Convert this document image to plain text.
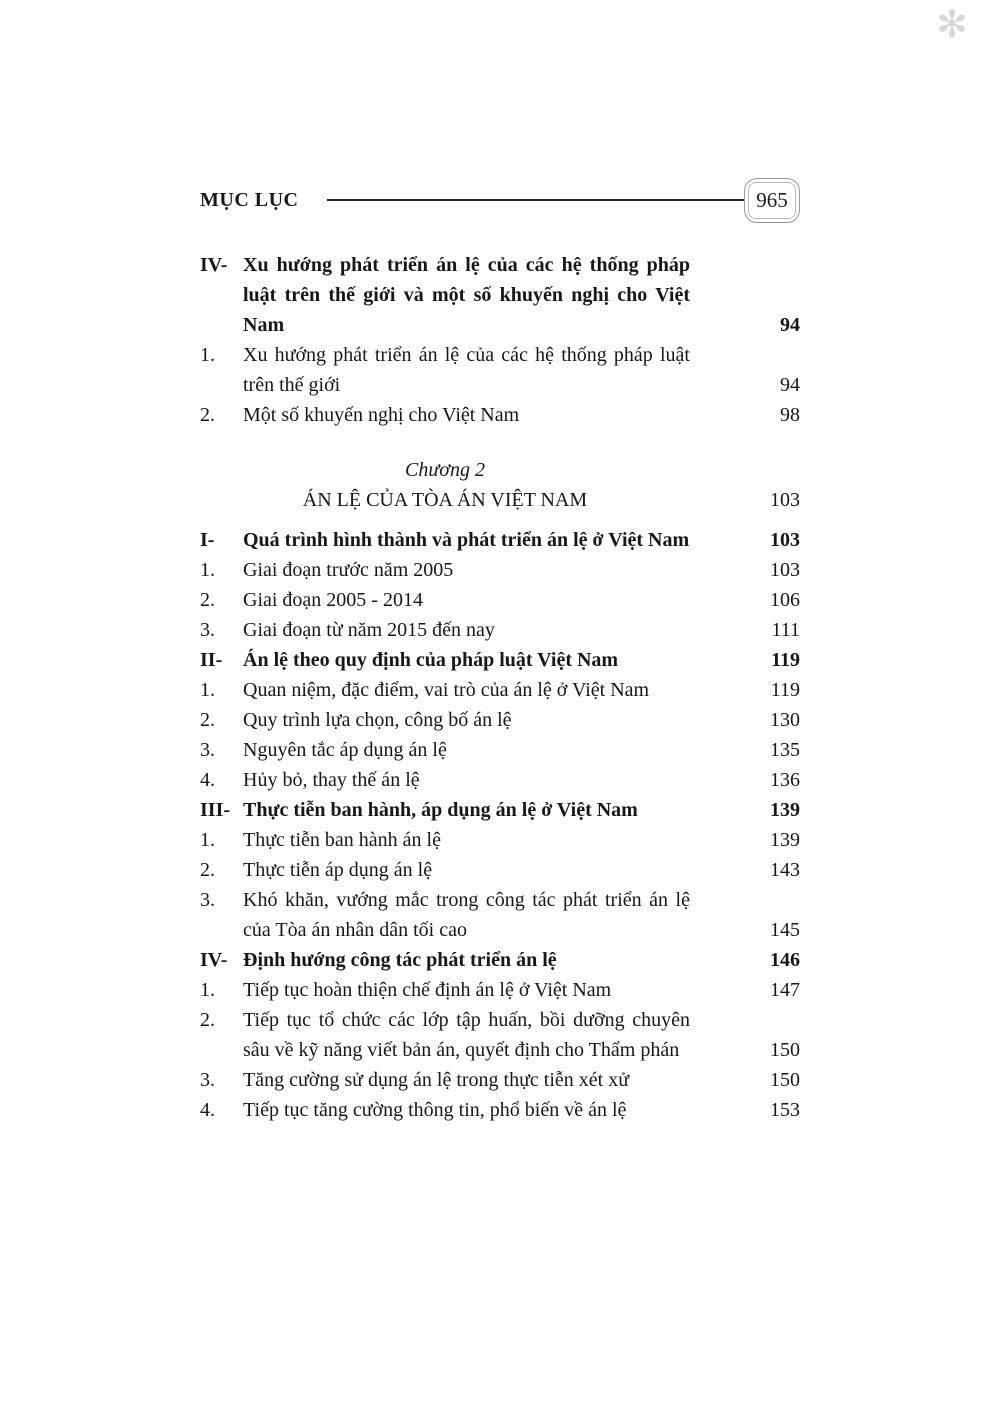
✻
MỤC LỤC	965
IV- Xu hướng phát triển án lệ của các hệ thống pháp luật trên thế giới và một số khuyến nghị cho Việt Nam	94
1.	Xu hướng phát triển án lệ của các hệ thống pháp luật trên thế giới	94
2.	Một số khuyến nghị cho Việt Nam	98
Chương 2
ÁN LỆ CỦA TÒA ÁN VIỆT NAM	103
I-	Quá trình hình thành và phát triển án lệ ở Việt Nam	103
1.	Giai đoạn trước năm 2005	103
2.	Giai đoạn 2005 - 2014	106
3.	Giai đoạn từ năm 2015 đến nay	111
II-	Án lệ theo quy định của pháp luật Việt Nam	119
1.	Quan niệm, đặc điểm, vai trò của án lệ ở Việt Nam	119
2.	Quy trình lựa chọn, công bố án lệ	130
3.	Nguyên tắc áp dụng án lệ	135
4.	Hủy bỏ, thay thế án lệ	136
III- Thực tiễn ban hành, áp dụng án lệ ở Việt Nam	139
1.	Thực tiễn ban hành án lệ	139
2.	Thực tiễn áp dụng án lệ	143
3.	Khó khăn, vướng mắc trong công tác phát triển án lệ của Tòa án nhân dân tối cao	145
IV- Định hướng công tác phát triển án lệ	146
1.	Tiếp tục hoàn thiện chế định án lệ ở Việt Nam	147
2.	Tiếp tục tổ chức các lớp tập huấn, bồi dưỡng chuyên sâu về kỹ năng viết bản án, quyết định cho Thẩm phán	150
3.	Tăng cường sử dụng án lệ trong thực tiễn xét xử	150
4.	Tiếp tục tăng cường thông tin, phổ biến về án lệ	153
